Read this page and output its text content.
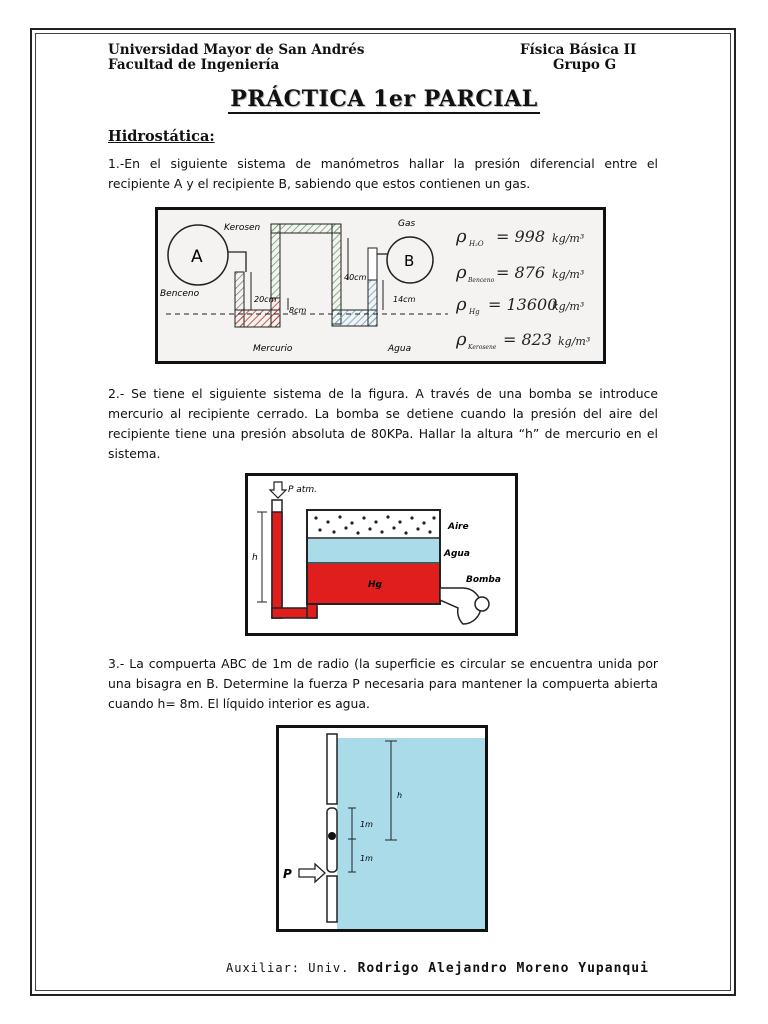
Universidad Mayor de San Andrés
Facultad de Ingeniería
Física Básica II
Grupo G
PRÁCTICA 1er PARCIAL
Hidrostática:
1.-En el siguiente sistema de manómetros hallar la presión diferencial entre el recipiente A y el recipiente B, sabiendo que estos contienen un gas.
A	B
Kerosen	Gas
Benceno
Mercurio	Agua
20cm
8cm
40cm
14cm
ρ H₂O = 998 kg/m³
ρ Benceno = 876 kg/m³
ρ Hg = 13600
kg/m³
ρ Kerosene = 823 kg/m³
2.- Se tiene el siguiente sistema de la figura. A través de una bomba se introduce mercurio al recipiente cerrado. La bomba se detiene cuando la presión del aire del recipiente tiene una presión absoluta de 80KPa. Hallar la altura “h” de mercurio en el sistema.
P atm.
Hg
Aire
Agua
Bomba
h
3.- La compuerta ABC de 1m de radio (la superficie es circular se encuentra unida por una bisagra en B. Determine la fuerza P necesaria para mantener la compuerta abierta cuando h= 8m. El líquido interior es agua.
P
h
1m
1m
Auxiliar: Univ. Rodrigo Alejandro Moreno Yupanqui
